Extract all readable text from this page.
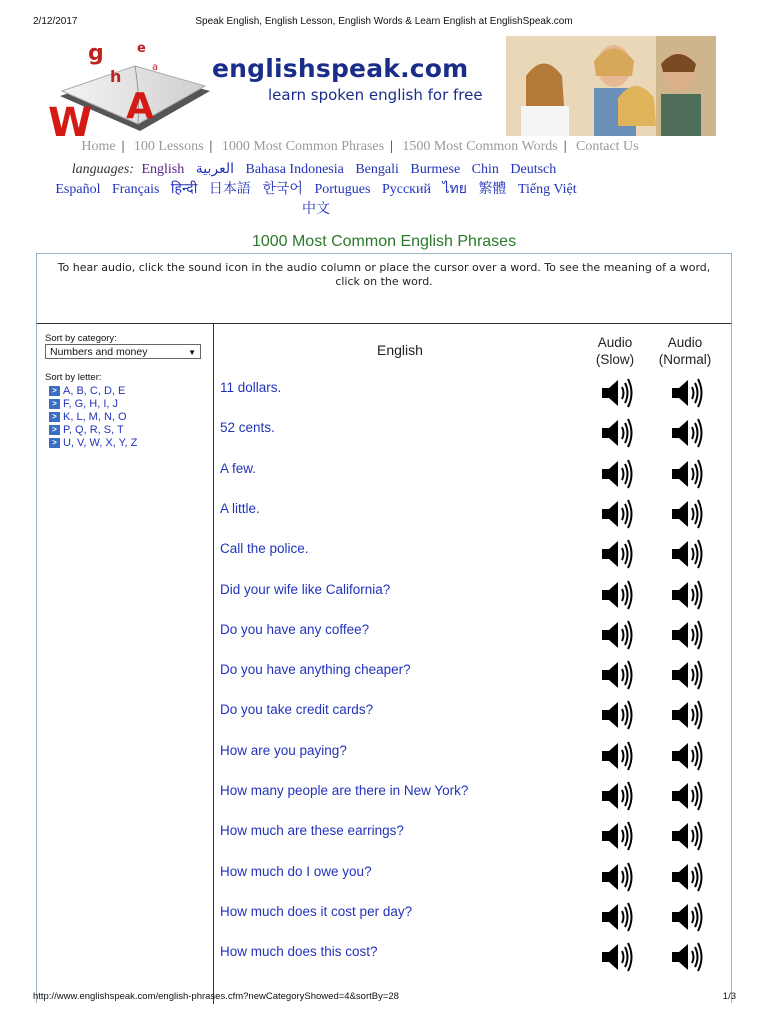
2/12/2017	Speak English, English Lesson, English Words & Learn English at EnglishSpeak.com
g
h
e
a
W A
englishspeak.com
learn spoken english for free
Home | 100 Lessons | 1000 Most Common Phrases | 1500 Most Common Words | Contact Us
languages: English العربية Bahasa Indonesia Bengali Burmese Chin Deutsch
Español Français हिन्दी 日本語 한국어 Portugues Русский ไทย 繁體 Tiếng Việt
中文
1000 Most Common English Phrases
To hear audio, click the sound icon in the audio column or place the cursor over a word. To see the meaning of a word, click on the word.
Sort by category:
Numbers and money	▼
Sort by letter:
> A, B, C, D, E
> F, G, H, I, J
> K, L, M, N, O
> P, Q, R, S, T
> U, V, W, X, Y, Z
English	Audio
(Slow)
Audio
(Normal)
11 dollars.
52 cents.
A few.
A little.
Call the police.
Did your wife like California?
Do you have any coffee?
Do you have anything cheaper?
Do you take credit cards?
How are you paying?
How many people are there in New York?
How much are these earrings?
How much do I owe you?
How much does it cost per day?
How much does this cost?
http://www.englishspeak.com/english-phrases.cfm?newCategoryShowed=4&sortBy=28	1/3
